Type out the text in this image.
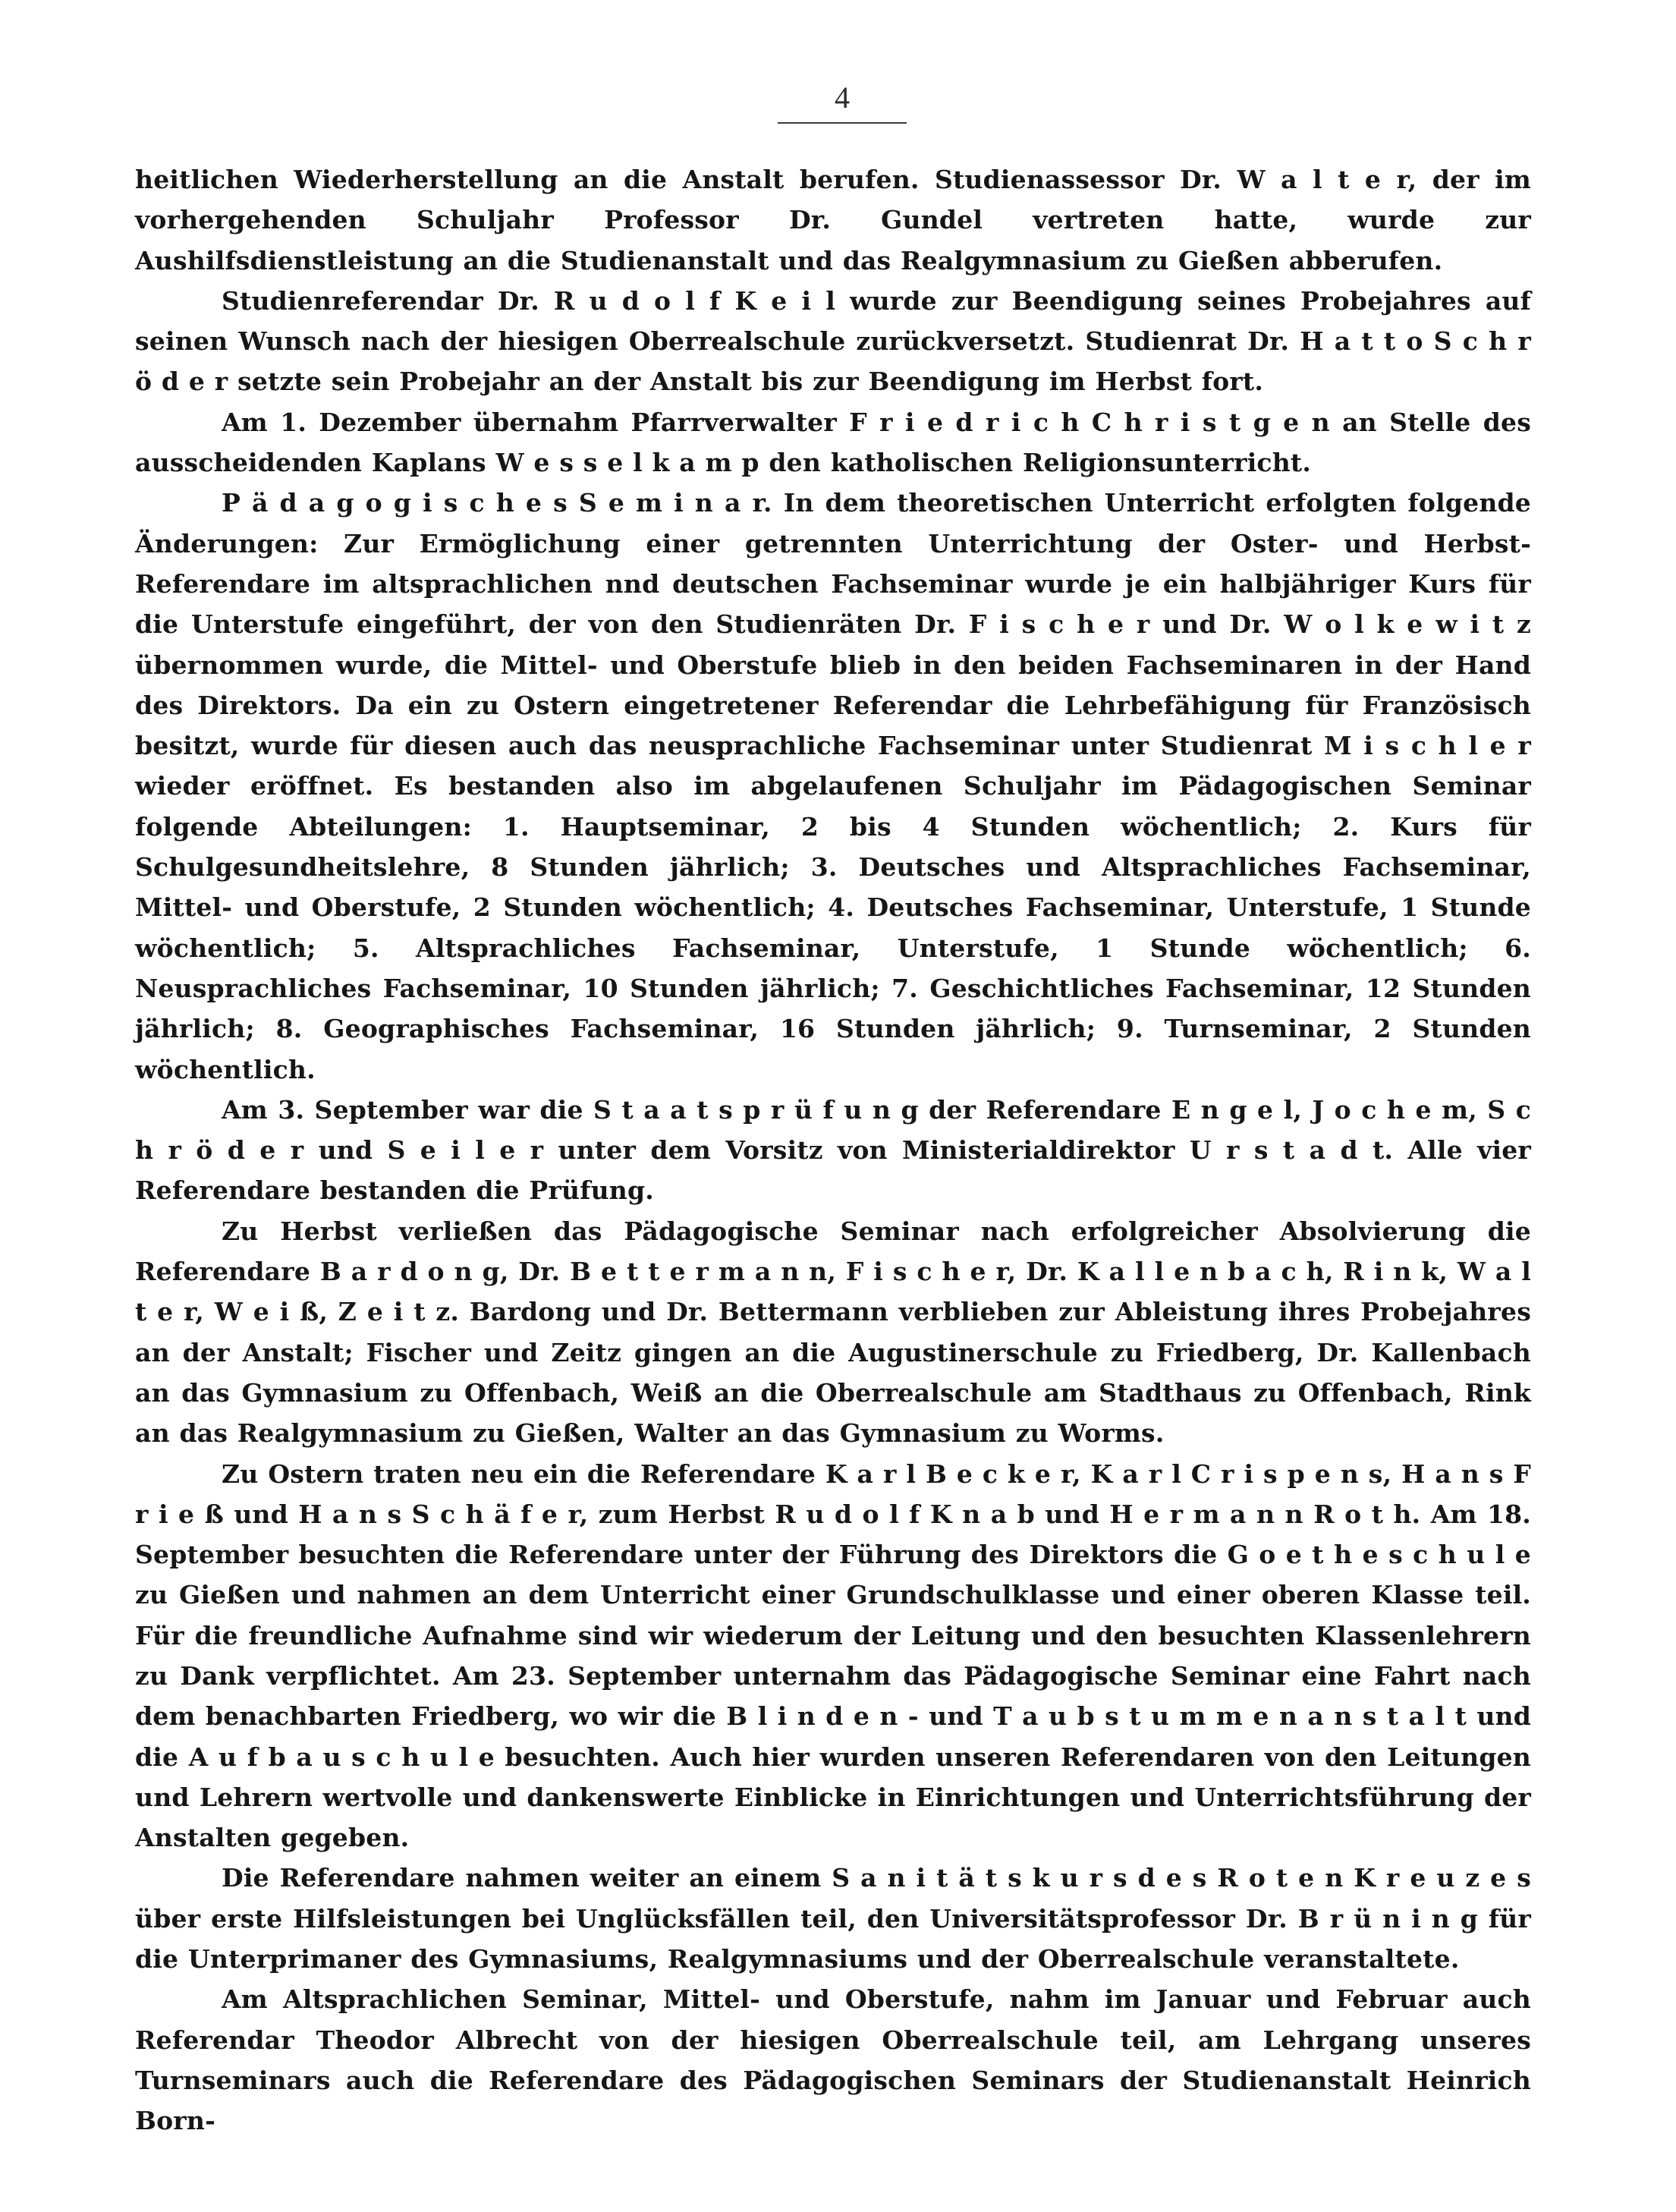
4

heitlichen Wiederherstellung an die Anstalt berufen. Studienassessor Dr. W a l t e r, der im vorhergehenden Schuljahr Professor Dr. Gundel vertreten hatte, wurde zur Aushilfsdienstleistung an die Studienanstalt und das Realgymnasium zu Gießen abberufen.

Studienreferendar Dr. R u d o l f K e i l wurde zur Beendigung seines Probejahres auf seinen Wunsch nach der hiesigen Oberrealschule zurückversetzt. Studienrat Dr. H a t t o S c h r ö d e r setzte sein Probejahr an der Anstalt bis zur Beendigung im Herbst fort.

Am 1. Dezember übernahm Pfarrverwalter F r i e d r i c h C h r i s t g e n an Stelle des ausscheidenden Kaplans W e s s e l k a m p den katholischen Religionsunterricht.

P ä d a g o g i s c h e s S e m i n a r. In dem theoretischen Unterricht erfolgten folgende Änderungen: Zur Ermöglichung einer getrennten Unterrichtung der Oster- und Herbst-Referendare im altsprachlichen nnd deutschen Fachseminar wurde je ein halbjähriger Kurs für die Unterstufe eingeführt, der von den Studienräten Dr. F i s c h e r und Dr. W o l k e w i t z übernommen wurde, die Mittel- und Oberstufe blieb in den beiden Fachseminaren in der Hand des Direktors. Da ein zu Ostern eingetretener Referendar die Lehrbefähigung für Französisch besitzt, wurde für diesen auch das neusprachliche Fachseminar unter Studienrat M i s c h l e r wieder eröffnet. Es bestanden also im abgelaufenen Schuljahr im Pädagogischen Seminar folgende Abteilungen: 1. Hauptseminar, 2 bis 4 Stunden wöchentlich; 2. Kurs für Schulgesundheitslehre, 8 Stunden jährlich; 3. Deutsches und Altsprachliches Fachseminar, Mittel- und Oberstufe, 2 Stunden wöchentlich; 4. Deutsches Fachseminar, Unterstufe, 1 Stunde wöchentlich; 5. Altsprachliches Fachseminar, Unterstufe, 1 Stunde wöchentlich; 6. Neusprachliches Fachseminar, 10 Stunden jährlich; 7. Geschichtliches Fachseminar, 12 Stunden jährlich; 8. Geographisches Fachseminar, 16 Stunden jährlich; 9. Turnseminar, 2 Stunden wöchentlich.

Am 3. September war die S t a a t s p r ü f u n g der Referendare E n g e l, J o c h e m, S c h r ö d e r und S e i l e r unter dem Vorsitz von Ministerialdirektor U r s t a d t. Alle vier Referendare bestanden die Prüfung.

Zu Herbst verließen das Pädagogische Seminar nach erfolgreicher Absolvierung die Referendare B a r d o n g, Dr. B e t t e r m a n n, F i s c h e r, Dr. K a l l e n b a c h, R i n k, W a l t e r, W e i ß, Z e i t z. Bardong und Dr. Bettermann verblieben zur Ableistung ihres Probejahres an der Anstalt; Fischer und Zeitz gingen an die Augustinerschule zu Friedberg, Dr. Kallenbach an das Gymnasium zu Offenbach, Weiß an die Oberrealschule am Stadthaus zu Offenbach, Rink an das Realgymnasium zu Gießen, Walter an das Gymnasium zu Worms.

Zu Ostern traten neu ein die Referendare K a r l B e c k e r, K a r l C r i s p e n s, H a n s F r i e ß und H a n s S c h ä f e r, zum Herbst R u d o l f K n a b und H e r m a n n R o t h. Am 18. September besuchten die Referendare unter der Führung des Direktors die G o e t h e s c h u l e zu Gießen und nahmen an dem Unterricht einer Grundschulklasse und einer oberen Klasse teil. Für die freundliche Aufnahme sind wir wiederum der Leitung und den besuchten Klassenlehrern zu Dank verpflichtet. Am 23. September unternahm das Pädagogische Seminar eine Fahrt nach dem benachbarten Friedberg, wo wir die B l i n d e n - und T a u b s t u m m e n a n s t a l t und die A u f b a u s c h u l e besuchten. Auch hier wurden unseren Referendaren von den Leitungen und Lehrern wertvolle und dankenswerte Einblicke in Einrichtungen und Unterrichtsführung der Anstalten gegeben.

Die Referendare nahmen weiter an einem S a n i t ä t s k u r s d e s R o t e n K r e u z e s über erste Hilfsleistungen bei Unglücksfällen teil, den Universitätsprofessor Dr. B r ü n i n g für die Unterprimaner des Gymnasiums, Realgymnasiums und der Oberrealschule veranstaltete.

Am Altsprachlichen Seminar, Mittel- und Oberstufe, nahm im Januar und Februar auch Referendar Theodor Albrecht von der hiesigen Oberrealschule teil, am Lehrgang unseres Turnseminars auch die Referendare des Pädagogischen Seminars der Studienanstalt Heinrich Born-
